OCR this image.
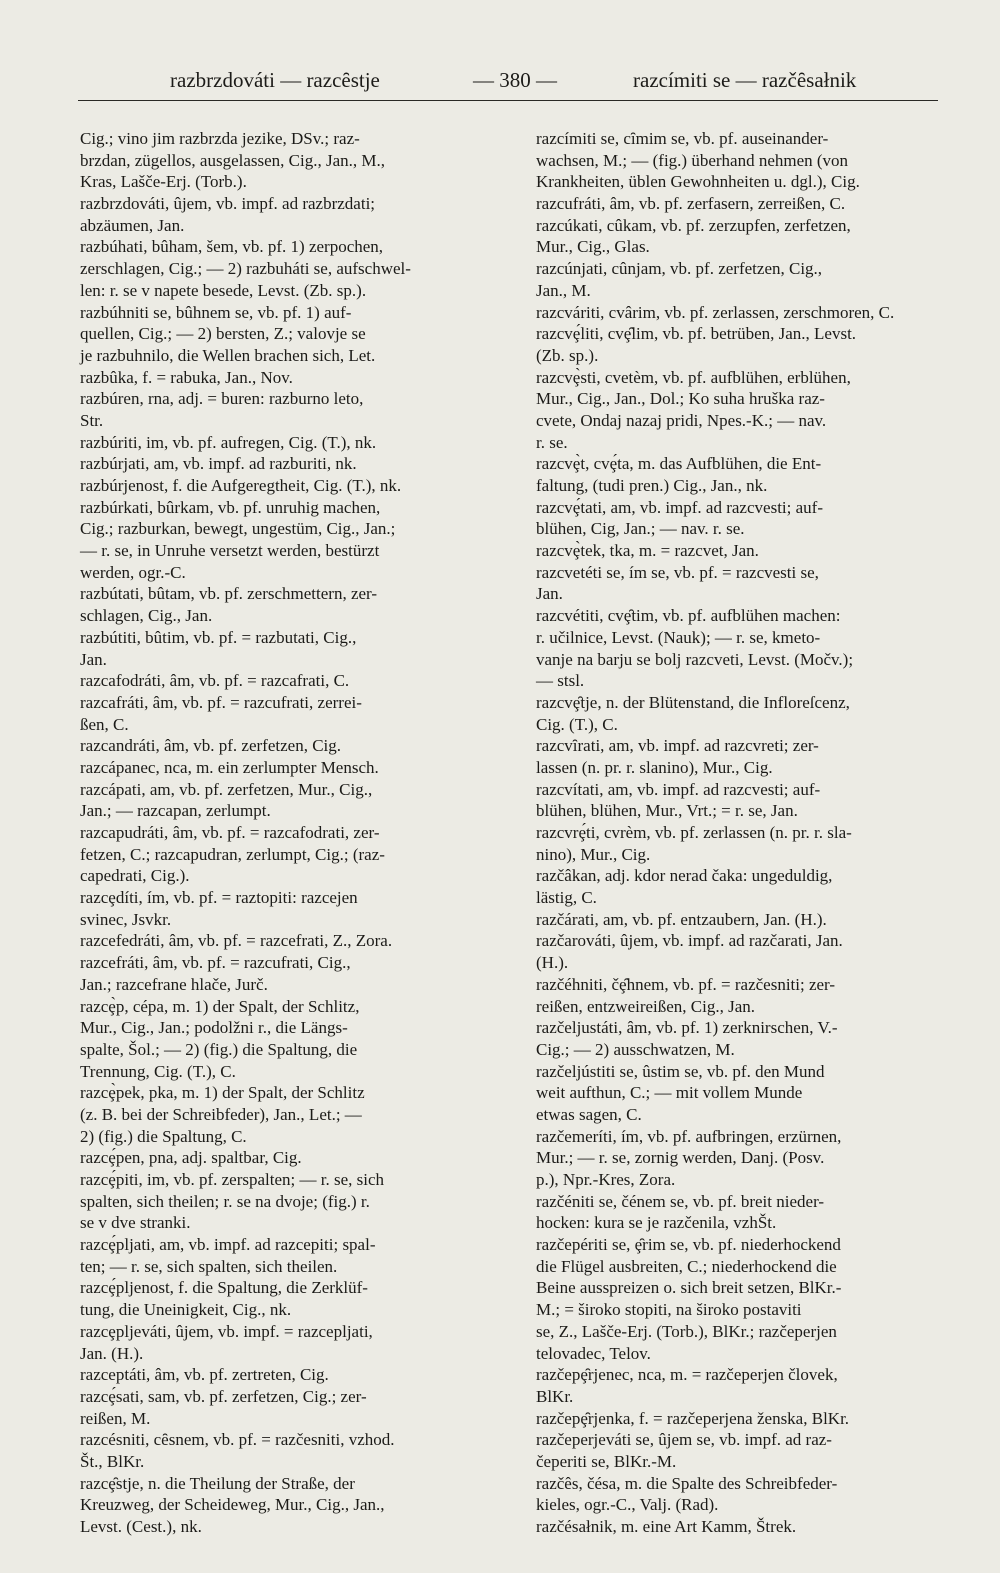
razbrzdováti — razcȇstje	— 380 —	razcímiti se — razčȇsałnik
Cig.; vino jim razbrzda jezike, DSv.; raz-
brzdan, zügellos, ausgelassen, Cig., Jan., M.,
Kras, Lašče-Erj. (Torb.).
razbrzdováti, ûjem, vb. impf. ad razbrzdati;
abzäumen, Jan.
razbúhati, bûham, šem, vb. pf. 1) zerpochen,
zerschlagen, Cig.; — 2) razbuháti se, aufschwel-
len: r. se v napete besede, Levst. (Zb. sp.).
razbúhniti se, bûhnem se, vb. pf. 1) auf-
quellen, Cig.; — 2) bersten, Z.; valovje se
je razbuhnilo, die Wellen brachen sich, Let.
razbûka, f. = rabuka, Jan., Nov.
razbúren, rna, adj. = buren: razburno leto,
Str.
razbúriti, im, vb. pf. aufregen, Cig. (T.), nk.
razbúrjati, am, vb. impf. ad razburiti, nk.
razbúrjenost, f. die Aufgeregtheit, Cig. (T.), nk.
razbúrkati, bûrkam, vb. pf. unruhig machen,
Cig.; razburkan, bewegt, ungestüm, Cig., Jan.;
— r. se, in Unruhe versetzt werden, bestürzt
werden, ogr.-C.
razbútati, bûtam, vb. pf. zerschmettern, zer-
schlagen, Cig., Jan.
razbútiti, bûtim, vb. pf. = razbutati, Cig.,
Jan.
razcafodráti, âm, vb. pf. = razcafrati, C.
razcafráti, âm, vb. pf. = razcufrati, zerrei-
ßen, C.
razcandráti, âm, vb. pf. zerfetzen, Cig.
razcápanec, nca, m. ein zerlumpter Mensch.
razcápati, am, vb. pf. zerfetzen, Mur., Cig.,
Jan.; — razcapan, zerlumpt.
razcapudráti, âm, vb. pf. = razcafodrati, zer-
fetzen, C.; razcapudran, zerlumpt, Cig.; (raz-
capedrati, Cig.).
razcȩdíti, ím, vb. pf. = raztopiti: razcejen
svinec, Jsvkr.
razcefedráti, âm, vb. pf. = razcefrati, Z., Zora.
razcefráti, âm, vb. pf. = razcufrati, Cig.,
Jan.; razcefrane hlače, Jurč.
razcȩ̀p, cépa, m. 1) der Spalt, der Schlitz,
Mur., Cig., Jan.; podolžni r., die Längs-
spalte, Šol.; — 2) (fig.) die Spaltung, die
Trennung, Cig. (T.), C.
razcȩ̀pek, pka, m. 1) der Spalt, der Schlitz
(z. B. bei der Schreibfeder), Jan., Let.; —
2) (fig.) die Spaltung, C.
razcȩ́pen, pna, adj. spaltbar, Cig.
razcȩ́piti, im, vb. pf. zerspalten; — r. se, sich
spalten, sich theilen; r. se na dvoje; (fig.) r.
se v dve stranki.
razcȩ́pljati, am, vb. impf. ad razcepiti; spal-
ten; — r. se, sich spalten, sich theilen.
razcȩ́pljenost, f. die Spaltung, die Zerklüf-
tung, die Uneinigkeit, Cig., nk.
razcȩpljeváti, ûjem, vb. impf. = razcepljati,
Jan. (H.).
razceptáti, âm, vb. pf. zertreten, Cig.
razcȩ́sati, sam, vb. pf. zerfetzen, Cig.; zer-
reißen, M.
razcésniti, cȇsnem, vb. pf. = razčesniti, vzhod.
Št., BlKr.
razcȩ̑stje, n. die Theilung der Straße, der
Kreuzweg, der Scheideweg, Mur., Cig., Jan.,
Levst. (Cest.), nk.
razcímiti se, cȋmim se, vb. pf. auseinander-
wachsen, M.; — (fig.) überhand nehmen (von
Krankheiten, üblen Gewohnheiten u. dgl.), Cig.
razcufráti, âm, vb. pf. zerfasern, zerreißen, C.
razcúkati, cûkam, vb. pf. zerzupfen, zerfetzen,
Mur., Cig., Glas.
razcúnjati, cûnjam, vb. pf. zerfetzen, Cig.,
Jan., M.
razcváriti, cvârim, vb. pf. zerlassen, zerschmoren, C.
razcvȩ́liti, cvȩ̑lim, vb. pf. betrüben, Jan., Levst.
(Zb. sp.).
razcvȩ̀sti, cvetèm, vb. pf. aufblühen, erblühen,
Mur., Cig., Jan., Dol.; Ko suha hruška raz-
cvete, Ondaj nazaj pridi, Npes.-K.; — nav.
r. se.
razcvȩ̀t, cvȩ́ta, m. das Aufblühen, die Ent-
faltung, (tudi pren.) Cig., Jan., nk.
razcvȩ́tati, am, vb. impf. ad razcvesti; auf-
blühen, Cig, Jan.; — nav. r. se.
razcvȩ̀tek, tka, m. = razcvet, Jan.
razcvetéti se, ím se, vb. pf. = razcvesti se,
Jan.
razcvétiti, cvȩ̑tim, vb. pf. aufblühen machen:
r. učilnice, Levst. (Nauk); — r. se, kmeto-
vanje na barju se bolj razcveti, Levst. (Močv.);
— stsl.
razcvȩ̑tje, n. der Blütenstand, die Infloreſcenz,
Cig. (T.), C.
razcvȋrati, am, vb. impf. ad razcvreti; zer-
lassen (n. pr. r. slanino), Mur., Cig.
razcvítati, am, vb. impf. ad razcvesti; auf-
blühen, blühen, Mur., Vrt.; = r. se, Jan.
razcvrȩ́ti, cvrèm, vb. pf. zerlassen (n. pr. r. sla-
nino), Mur., Cig.
razčâkan, adj. kdor nerad čaka: ungeduldig,
lästig, C.
razčárati, am, vb. pf. entzaubern, Jan. (H.).
razčarováti, ûjem, vb. impf. ad razčarati, Jan.
(H.).
razčéhniti, čȩ̑hnem, vb. pf. = razčesniti; zer-
reißen, entzweireißen, Cig., Jan.
razčeljustáti, âm, vb. pf. 1) zerknirschen, V.-
Cig.; — 2) ausschwatzen, M.
razčeljústiti se, ûstim se, vb. pf. den Mund
weit aufthun, C.; — mit vollem Munde
etwas sagen, C.
razčemeríti, ím, vb. pf. aufbringen, erzürnen,
Mur.; — r. se, zornig werden, Danj. (Posv.
p.), Npr.-Kres, Zora.
razčéniti se, čénem se, vb. pf. breit nieder-
hocken: kura se je razčenila, vzhŠt.
razčepériti se, ȩ̑rim se, vb. pf. niederhockend
die Flügel ausbreiten, C.; niederhockend die
Beine ausspreizen o. sich breit setzen, BlKr.-
M.; = široko stopiti, na široko postaviti
se, Z., Lašče-Erj. (Torb.), BlKr.; razčeperjen
telovadec, Telov.
razčepȩ̑rjenec, nca, m. = razčeperjen človek,
BlKr.
razčepȩ̑rjenka, f. = razčeperjena ženska, BlKr.
razčeperjeváti se, ûjem se, vb. impf. ad raz-
čeperiti se, BlKr.-M.
razčês, čésa, m. die Spalte des Schreibfeder-
kieles, ogr.-C., Valj. (Rad).
razčésałnik, m. eine Art Kamm, Štrek.
